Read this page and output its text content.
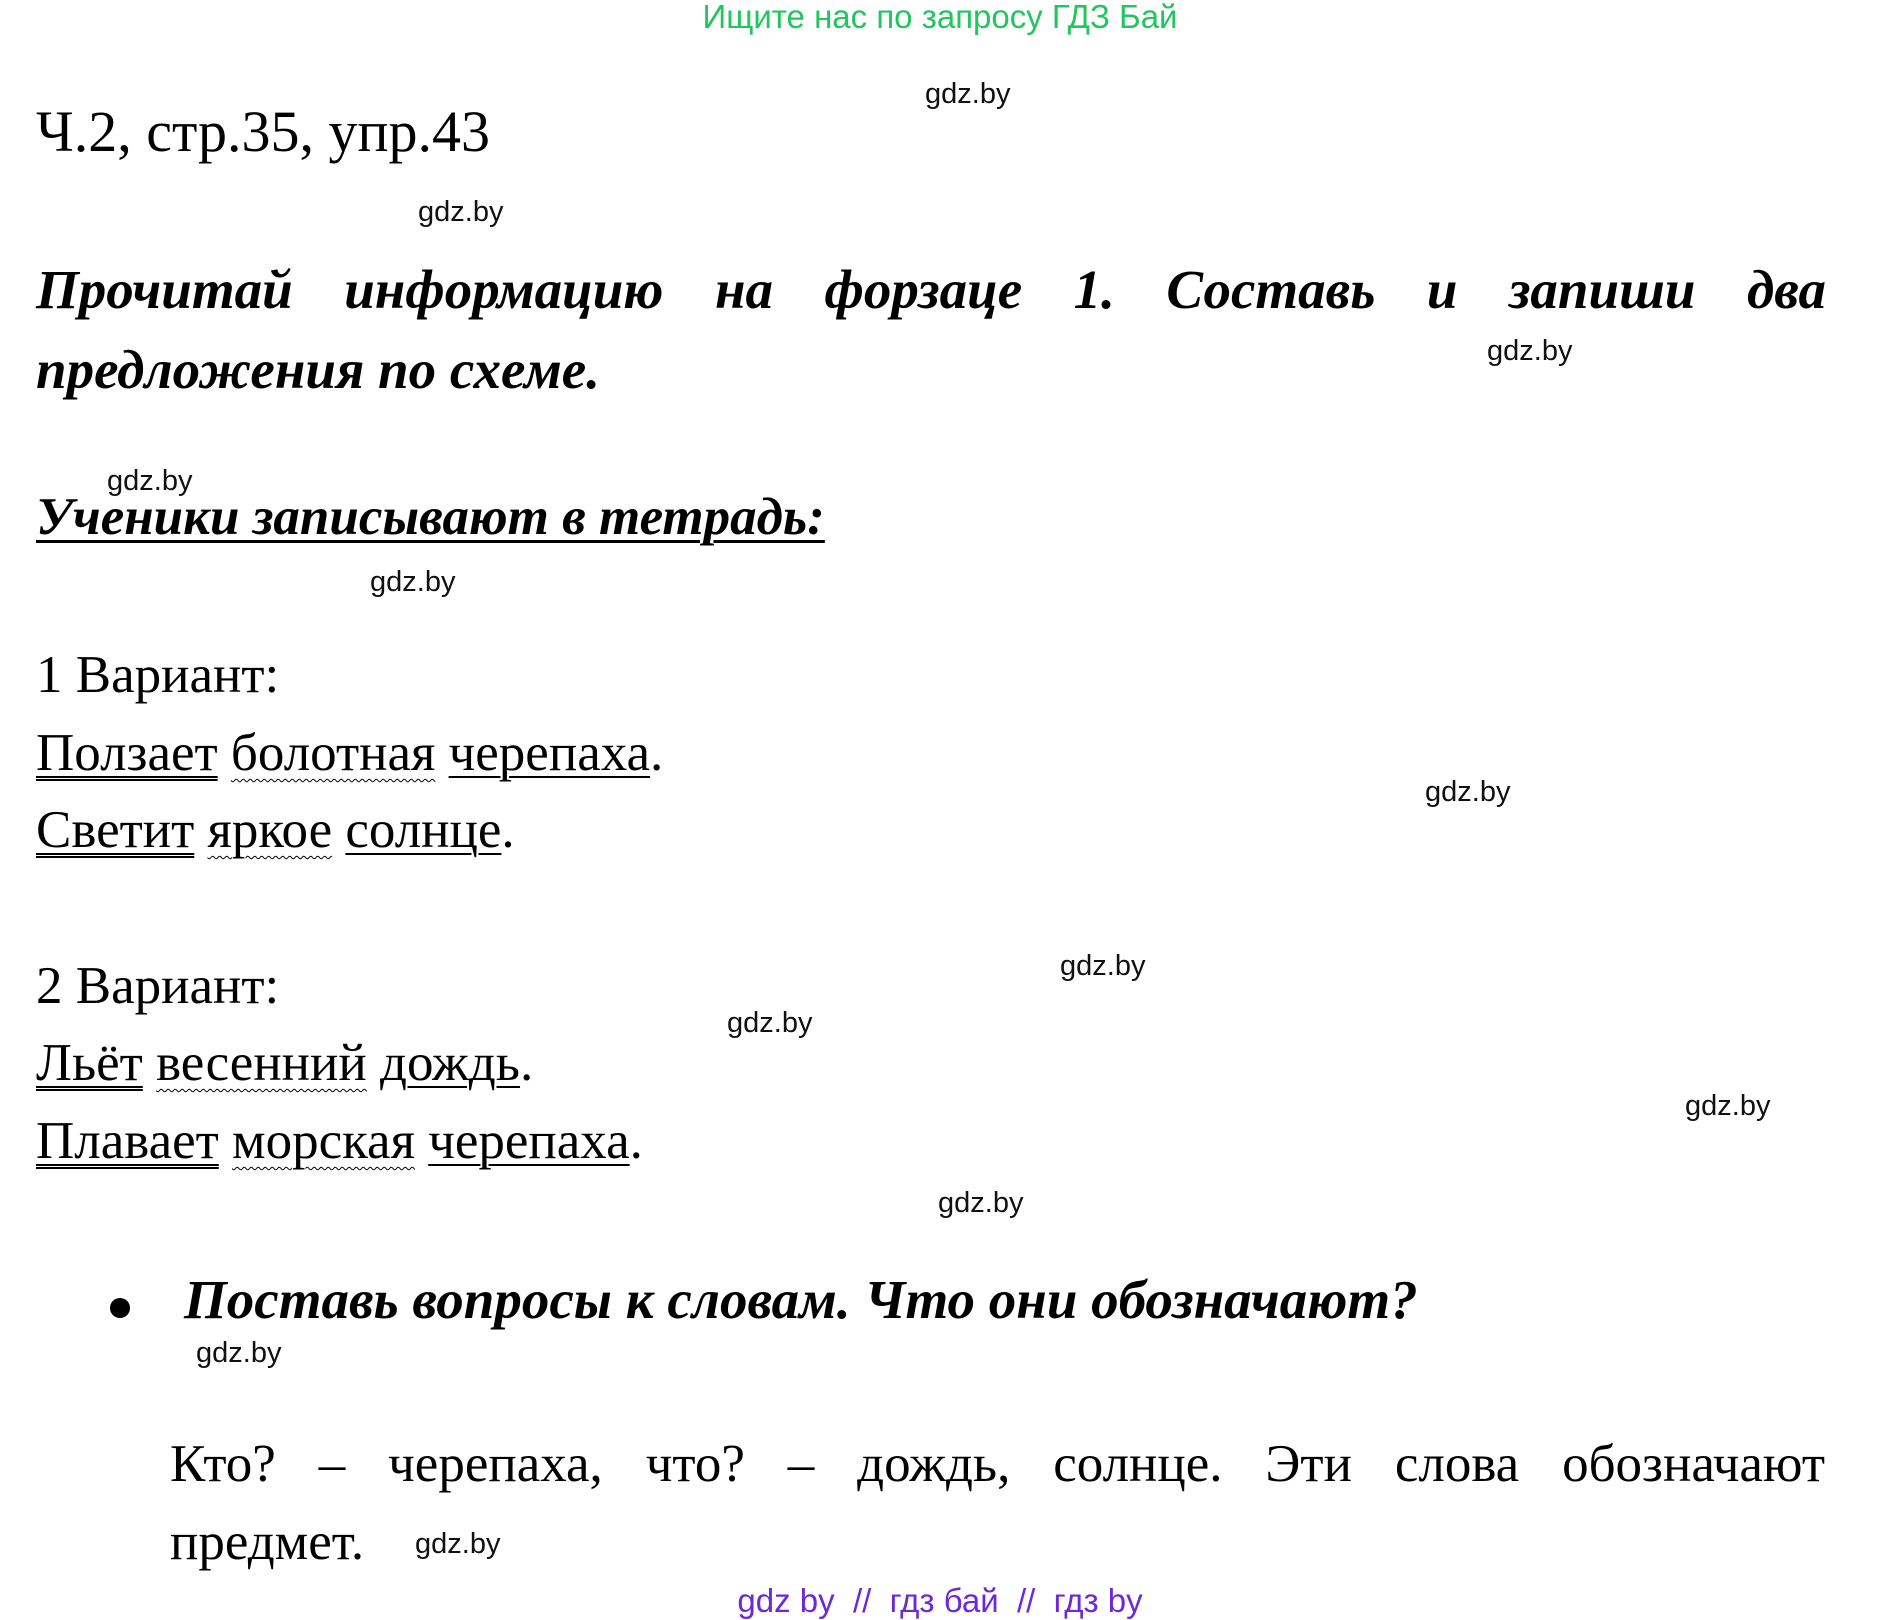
Ищите нас по запросу ГДЗ Бай
gdz.by
gdz.by
gdz.by
gdz.by
gdz.by
gdz.by
gdz.by
gdz.by
gdz.by
gdz.by
gdz.by
gdz.by
Ч.2, стр.35, упр.43
Прочитай информацию на форзаце 1. Составь и запиши два
предложения по схеме.
Ученики записывают в тетрадь:
1 Вариант:
Ползает болотная черепаха.
Светит яркое солнце.
2 Вариант:
Льёт весенний дождь.
Плавает морская черепаха.
Поставь вопросы к словам. Что они обозначают?
Кто? – черепаха, что? – дождь, солнце. Эти слова обозначают
предмет.
gdz by  //  гдз бай  //  гдз by
